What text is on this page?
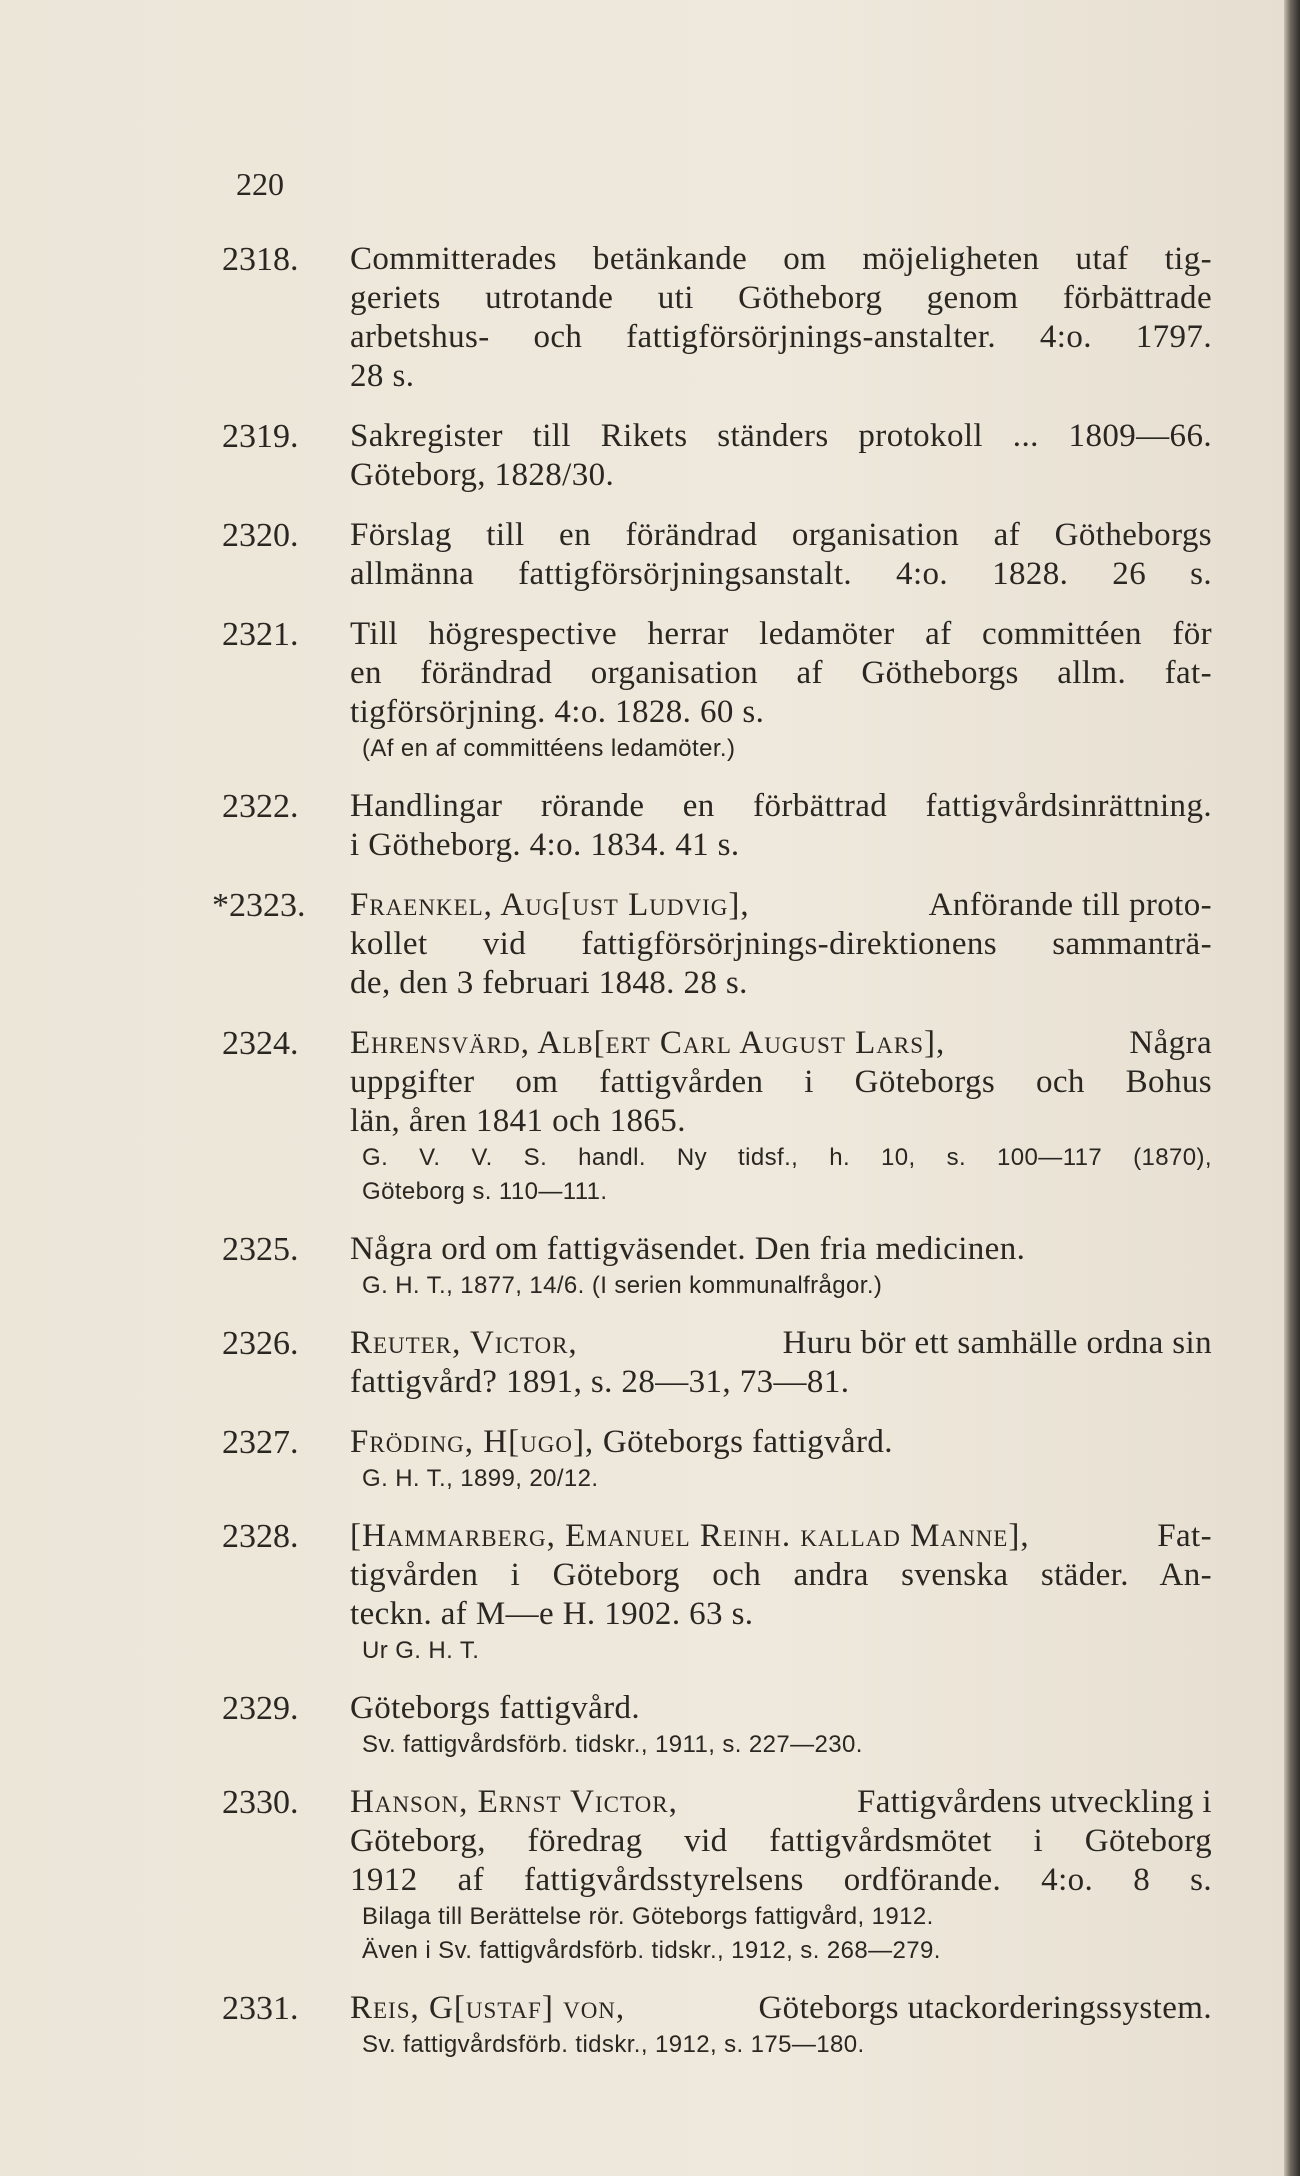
220
2318.	Committerades betänkande om möjeligheten utaf tig-
geriets utrotande uti Götheborg genom förbättrade
arbetshus- och fattigförsörjnings-anstalter. 4:o. 1797.
28 s.
2319.	Sakregister till Rikets ständers protokoll ... 1809—66.
Göteborg, 1828/30.
2320.	Förslag till en förändrad organisation af Götheborgs
allmänna fattigförsörjningsanstalt. 4:o. 1828. 26 s.
2321.	Till högrespective herrar ledamöter af committéen för
en förändrad organisation af Götheborgs allm. fat-
tigförsörjning. 4:o. 1828. 60 s.
(Af en af committéens ledamöter.)
2322.	Handlingar rörande en förbättrad fattigvårdsinrättning.
i Götheborg. 4:o. 1834. 41 s.
*2323.	Fraenkel, Aug[ust Ludvig],	Anförande till proto-
kollet vid fattigförsörjnings-direktionens sammanträ-
de, den 3 februari 1848. 28 s.
2324.	Ehrensvärd, Alb[ert Carl August Lars],	Några
uppgifter om fattigvården i Göteborgs och Bohus
län, åren 1841 och 1865.
G. V. V. S. handl. Ny tidsf., h. 10, s. 100—117 (1870),
Göteborg s. 110—111.
2325.	Några ord om fattigväsendet. Den fria medicinen.
G. H. T., 1877, 14/6. (I serien kommunalfrågor.)
2326.	Reuter, Victor,	Huru bör ett samhälle ordna sin
fattigvård? 1891, s. 28—31, 73—81.
2327.	Fröding, H[ugo], Göteborgs fattigvård.
G. H. T., 1899, 20/12.
2328.	[Hammarberg, Emanuel Reinh. kallad Manne],	Fat-
tigvården i Göteborg och andra svenska städer. An-
teckn. af M—e H. 1902. 63 s.
Ur G. H. T.
2329.	Göteborgs fattigvård.
Sv. fattigvårdsförb. tidskr., 1911, s. 227—230.
2330.	Hanson, Ernst Victor,	Fattigvårdens utveckling i
Göteborg, föredrag vid fattigvårdsmötet i Göteborg
1912 af fattigvårdsstyrelsens ordförande. 4:o. 8 s.
Bilaga till Berättelse rör. Göteborgs fattigvård, 1912.
Även i Sv. fattigvårdsförb. tidskr., 1912, s. 268—279.
2331.	Reis, G[ustaf] von,	Göteborgs utackorderingssystem.
Sv. fattigvårdsförb. tidskr., 1912, s. 175—180.
